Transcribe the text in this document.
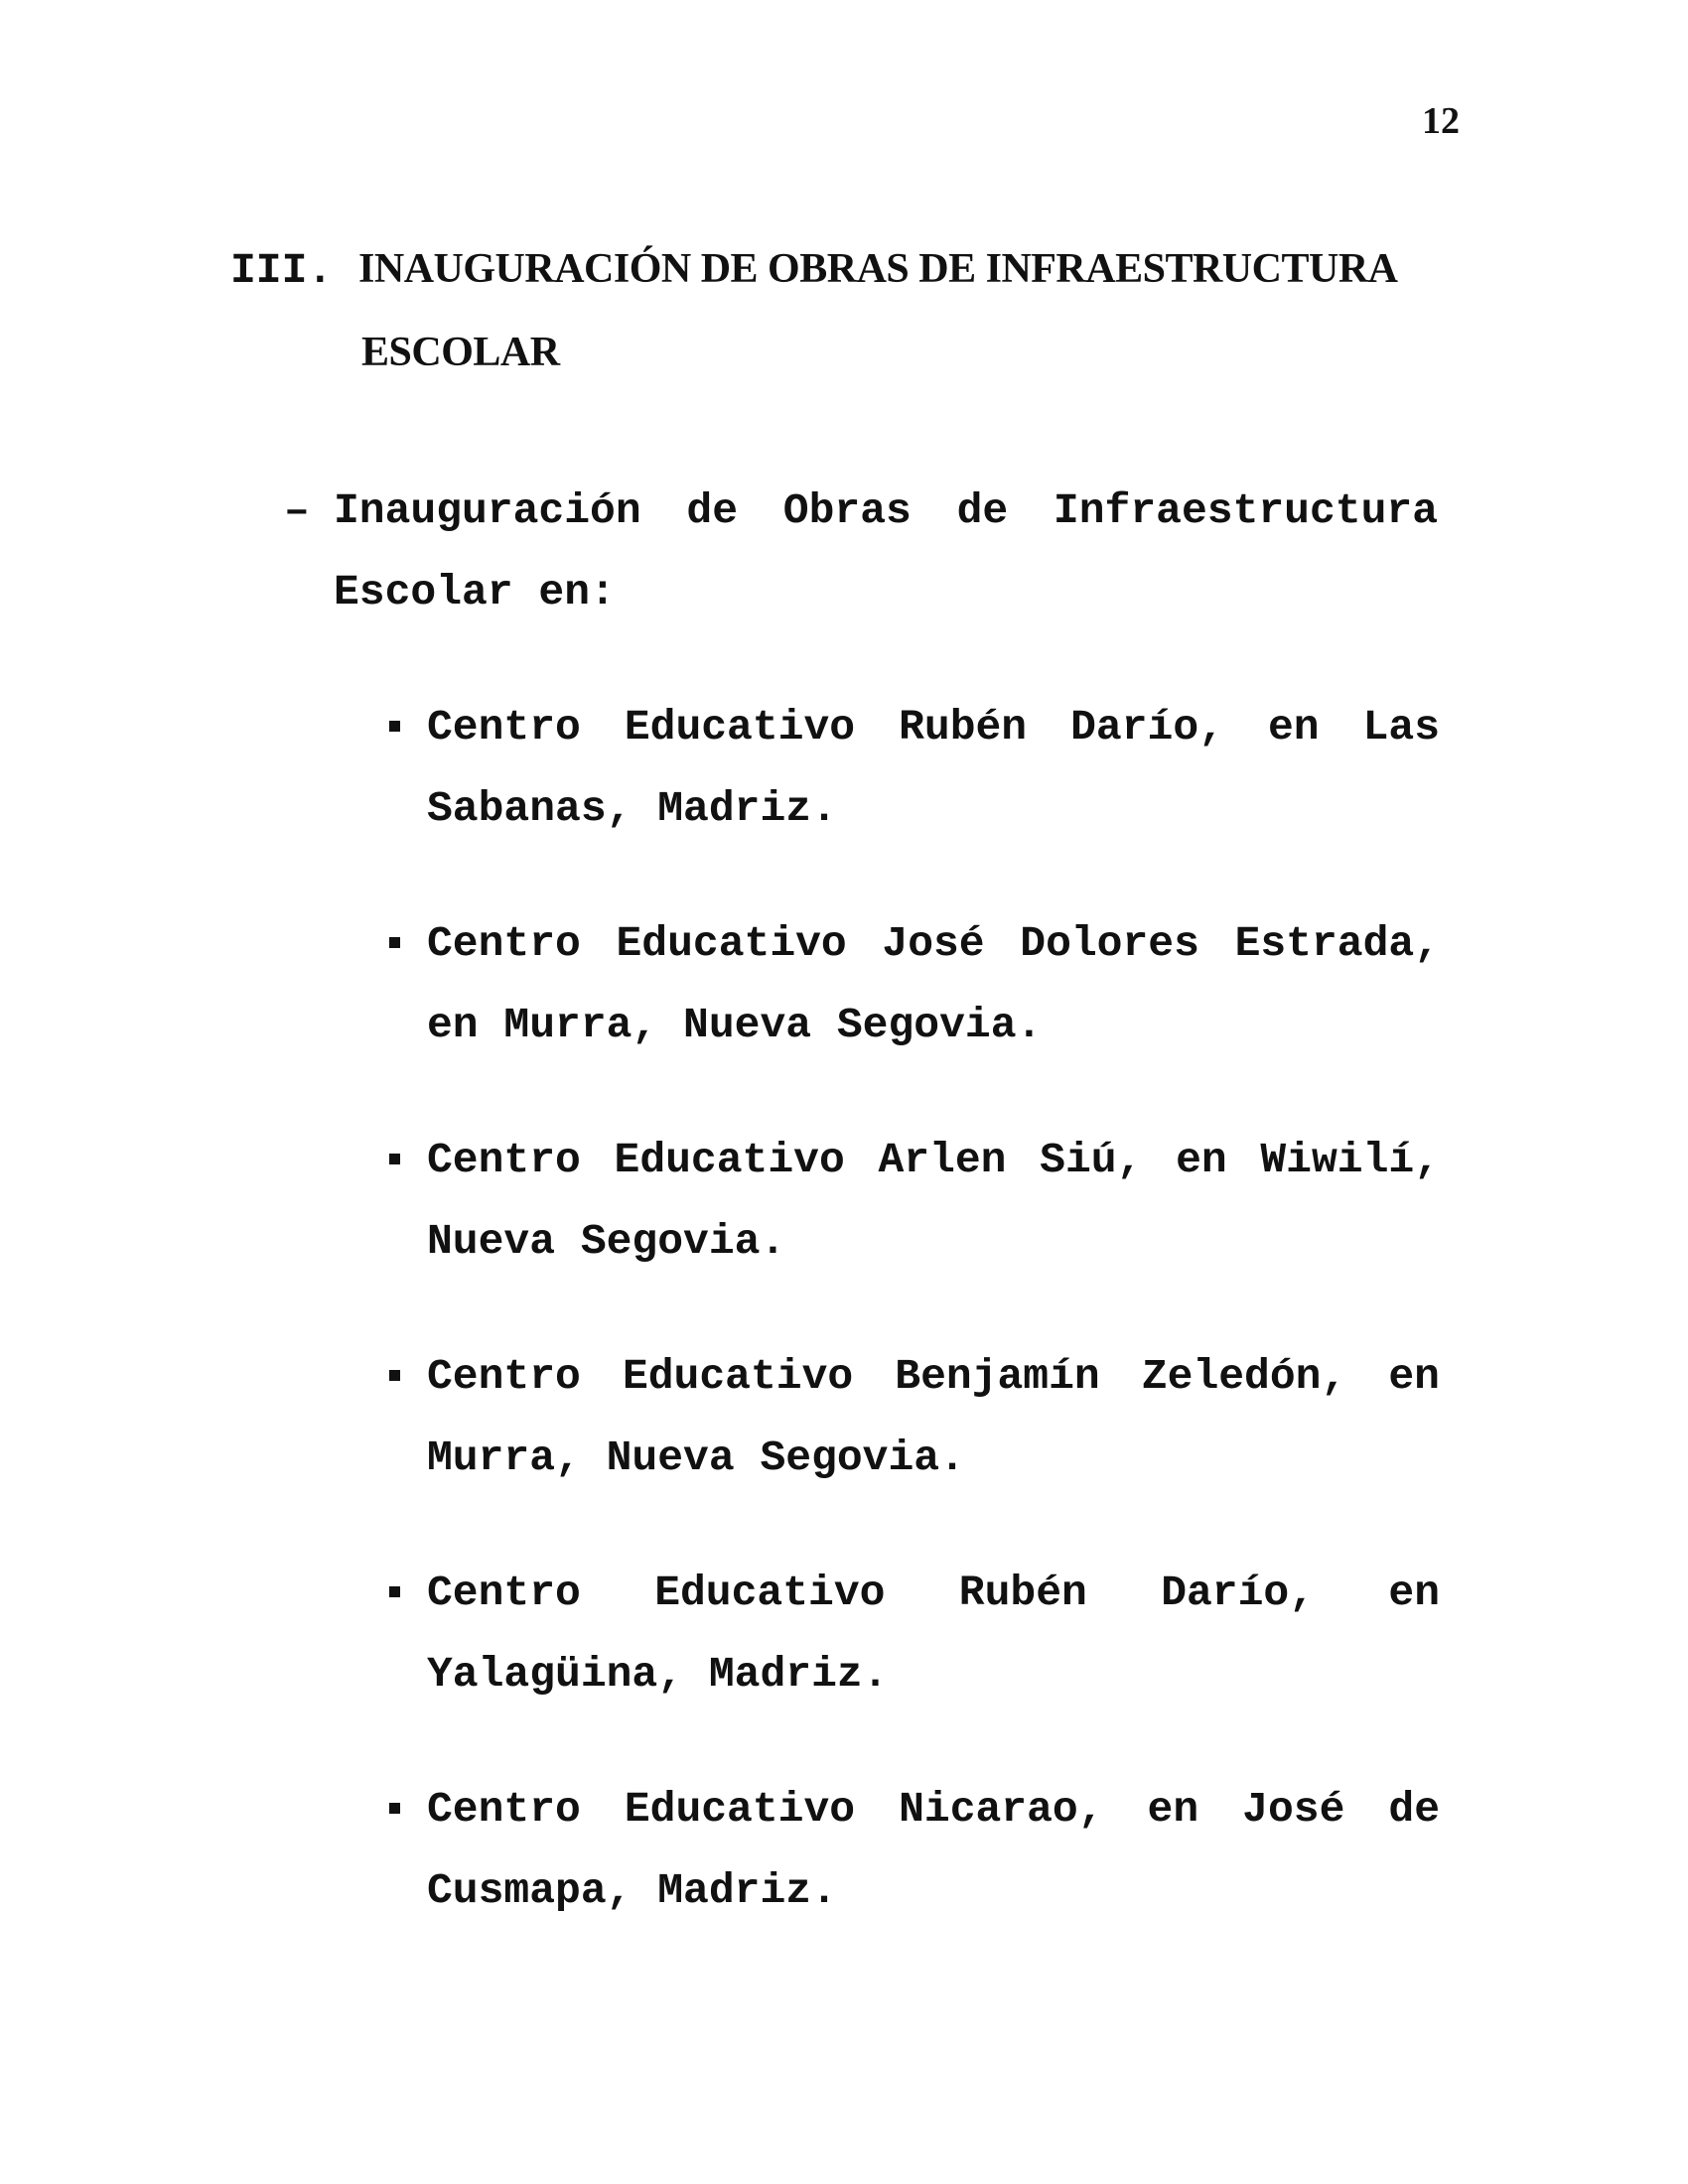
12
III. INAUGURACIÓN DE OBRAS DE INFRAESTRUCTURA
ESCOLAR
– Inauguración de Obras de Infraestructura
Escolar en:
Centro Educativo Rubén Darío, en Las
Sabanas, Madriz.
Centro Educativo José Dolores Estrada,
en Murra, Nueva Segovia.
Centro Educativo Arlen Siú, en Wiwilí,
Nueva Segovia.
Centro Educativo Benjamín Zeledón, en
Murra, Nueva Segovia.
Centro Educativo Rubén Darío, en
Yalagüina, Madriz.
Centro Educativo Nicarao, en José de
Cusmapa, Madriz.
